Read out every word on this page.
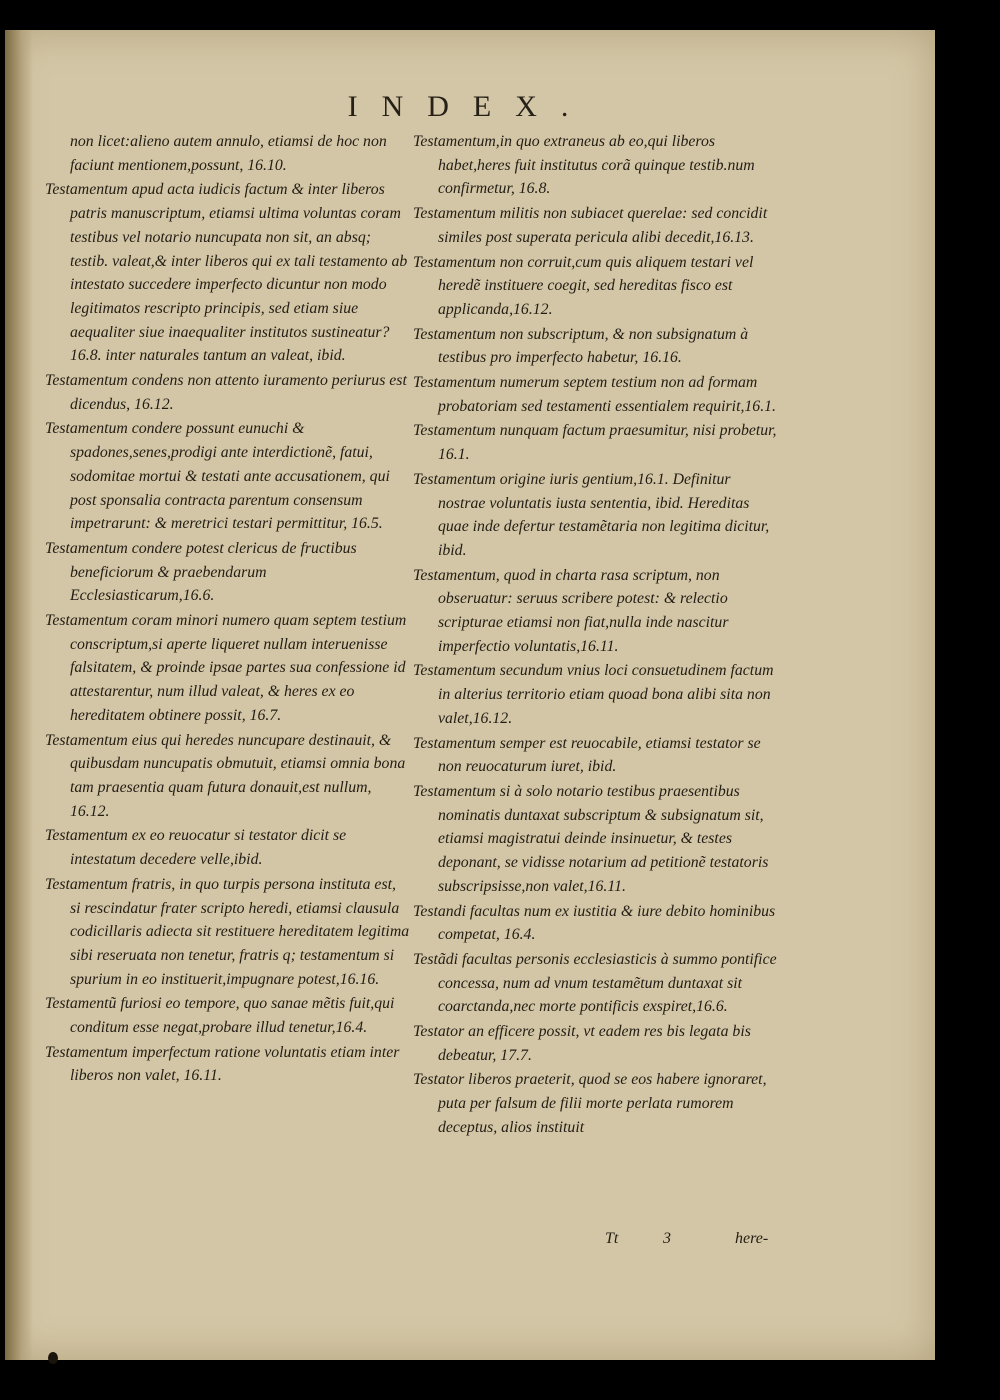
INDEX.

non licet:alieno autem annulo, etiamsi de hoc non faciunt mentionem,possunt, 16.10.

Testamentum apud acta iudicis factum & inter liberos patris manuscriptum, etiamsi ultima voluntas coram testibus vel notario nuncupata non sit, an absq; testib. valeat,& inter liberos qui ex tali testamento ab intestato succedere imperfecto dicuntur non modo legitimatos rescripto principis, sed etiam siue aequaliter siue inaequaliter institutos sustineatur? 16.8. inter naturales tantum an valeat, ibid.

Testamentum condens non attento iuramento periurus est dicendus, 16.12.

Testamentum condere possunt eunuchi & spadones,senes,prodigi ante interdictionẽ, fatui, sodomitae mortui & testati ante accusationem, qui post sponsalia contracta parentum consensum impetrarunt: & meretrici testari permittitur, 16.5.

Testamentum condere potest clericus de fructibus beneficiorum & praebendarum Ecclesiasticarum,16.6.

Testamentum coram minori numero quam septem testium conscriptum,si aperte liqueret nullam interuenisse falsitatem, & proinde ipsae partes sua confessione id attestarentur, num illud valeat, & heres ex eo hereditatem obtinere possit, 16.7.

Testamentum eius qui heredes nuncupare destinauit, & quibusdam nuncupatis obmutuit, etiamsi omnia bona tam praesentia quam futura donauit,est nullum, 16.12.

Testamentum ex eo reuocatur si testator dicit se intestatum decedere velle,ibid.

Testamentum fratris, in quo turpis persona instituta est, si rescindatur frater scripto heredi, etiamsi clausula codicillaris adiecta sit restituere hereditatem legitima sibi reseruata non tenetur, fratris q; testamentum si spurium in eo instituerit,impugnare potest,16.16.

Testamentũ furiosi eo tempore, quo sanae mẽtis fuit,qui conditum esse negat,probare illud tenetur,16.4.

Testamentum imperfectum ratione voluntatis etiam inter liberos non valet, 16.11.

Testamentum,in quo extraneus ab eo,qui liberos habet,heres fuit institutus corã quinque testib.num confirmetur, 16.8.

Testamentum militis non subiacet querelae: sed concidit similes post superata pericula alibi decedit,16.13.

Testamentum non corruit,cum quis aliquem testari vel heredẽ instituere coegit, sed hereditas fisco est applicanda,16.12.

Testamentum non subscriptum, & non subsignatum à testibus pro imperfecto habetur, 16.16.

Testamentum numerum septem testium non ad formam probatoriam sed testamenti essentialem requirit,16.1.

Testamentum nunquam factum praesumitur, nisi probetur, 16.1.

Testamentum origine iuris gentium,16.1. Definitur nostrae voluntatis iusta sententia, ibid. Hereditas quae inde defertur testamẽtaria non legitima dicitur, ibid.

Testamentum, quod in charta rasa scriptum, non obseruatur: seruus scribere potest: & relectio scripturae etiamsi non fiat,nulla inde nascitur imperfectio voluntatis,16.11.

Testamentum secundum vnius loci consuetudinem factum in alterius territorio etiam quoad bona alibi sita non valet,16.12.

Testamentum semper est reuocabile, etiamsi testator se non reuocaturum iuret, ibid.

Testamentum si à solo notario testibus praesentibus nominatis duntaxat subscriptum & subsignatum sit, etiamsi magistratui deinde insinuetur, & testes deponant, se vidisse notarium ad petitionẽ testatoris subscripsisse,non valet,16.11.

Testandi facultas num ex iustitia & iure debito hominibus competat, 16.4.

Testãdi facultas personis ecclesiasticis à summo pontifice concessa, num ad vnum testamẽtum duntaxat sit coarctanda,nec morte pontificis exspiret,16.6.

Testator an efficere possit, vt eadem res bis legata bis debeatur, 17.7.

Testator liberos praeterit, quod se eos habere ignoraret, puta per falsum de filii morte perlata rumorem deceptus, alios instituit

Tt	3	here-
